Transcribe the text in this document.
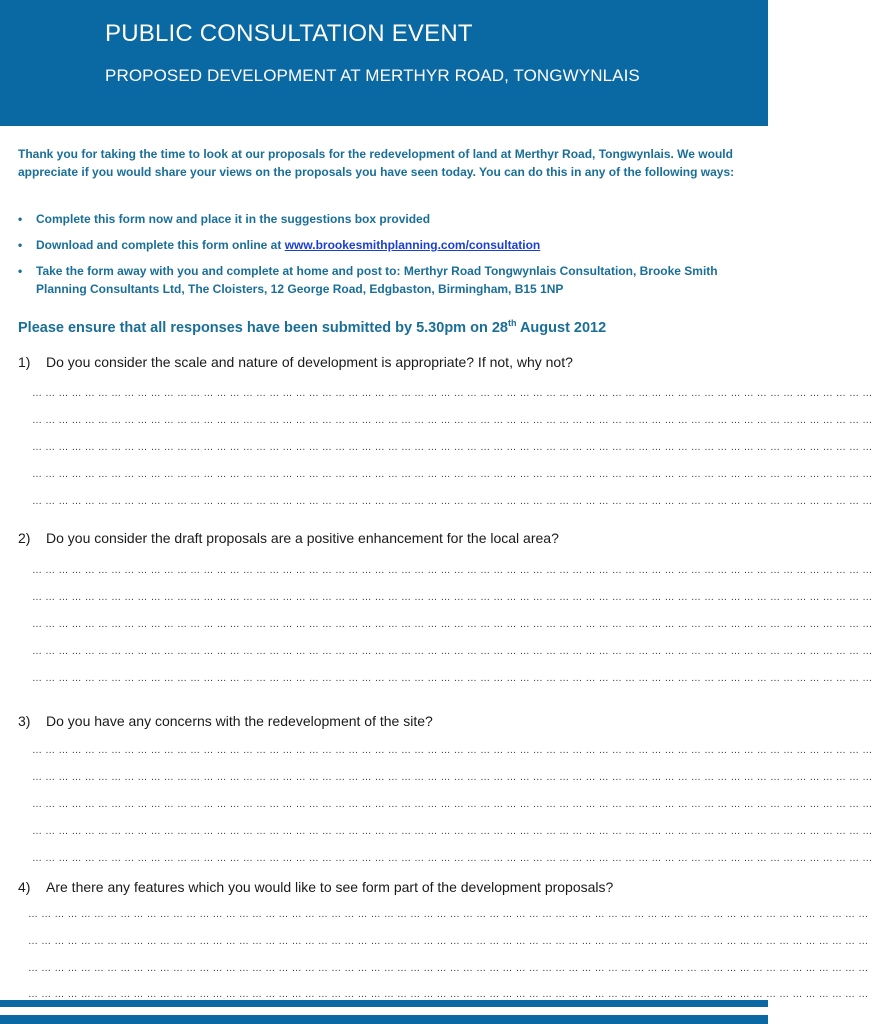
PUBLIC CONSULTATION EVENT
PROPOSED DEVELOPMENT AT MERTHYR ROAD, TONGWYNLAIS
Thank you for taking the time to look at our proposals for the redevelopment of land at Merthyr Road, Tongwynlais. We would appreciate if you would share your views on the proposals you have seen today. You can do this in any of the following ways:
• Complete this form now and place it in the suggestions box provided
• Download and complete this form online at www.brookesmithplanning.com/consultation
• Take the form away with you and complete at home and post to: Merthyr Road Tongwynlais Consultation, Brooke Smith Planning Consultants Ltd, The Cloisters, 12 George Road, Edgbaston, Birmingham, B15 1NP
Please ensure that all responses have been submitted by 5.30pm on 28th August 2012
1) Do you consider the scale and nature of development is appropriate? If not, why not?
… … … … … … … … … … … … … … … … … … … … … … … … … … … … … … … … … … … … … … … … … … … … … … … … … … … … … … … … … … … … … … … …
… … … … … … … … … … … … … … … … … … … … … … … … … … … … … … … … … … … … … … … … … … … … … … … … … … … … … … … … … … … … … … … …
… … … … … … … … … … … … … … … … … … … … … … … … … … … … … … … … … … … … … … … … … … … … … … … … … … … … … … … … … … … … … … … …
… … … … … … … … … … … … … … … … … … … … … … … … … … … … … … … … … … … … … … … … … … … … … … … … … … … … … … … … … … … … … … … …
… … … … … … … … … … … … … … … … … … … … … … … … … … … … … … … … … … … … … … … … … … … … … … … … … … … … … … … … … … … … … … … …
2) Do you consider the draft proposals are a positive enhancement for the local area?
… … … … … … … … … … … … … … … … … … … … … … … … … … … … … … … … … … … … … … … … … … … … … … … … … … … … … … … … … … … … … … … …
… … … … … … … … … … … … … … … … … … … … … … … … … … … … … … … … … … … … … … … … … … … … … … … … … … … … … … … … … … … … … … … …
… … … … … … … … … … … … … … … … … … … … … … … … … … … … … … … … … … … … … … … … … … … … … … … … … … … … … … … … … … … … … … … …
… … … … … … … … … … … … … … … … … … … … … … … … … … … … … … … … … … … … … … … … … … … … … … … … … … … … … … … … … … … … … … … …
… … … … … … … … … … … … … … … … … … … … … … … … … … … … … … … … … … … … … … … … … … … … … … … … … … … … … … … … … … … … … … … …
3) Do you have any concerns with the redevelopment of the site?
… … … … … … … … … … … … … … … … … … … … … … … … … … … … … … … … … … … … … … … … … … … … … … … … … … … … … … … … … … … … … … … …
… … … … … … … … … … … … … … … … … … … … … … … … … … … … … … … … … … … … … … … … … … … … … … … … … … … … … … … … … … … … … … … …
… … … … … … … … … … … … … … … … … … … … … … … … … … … … … … … … … … … … … … … … … … … … … … … … … … … … … … … … … … … … … … … …
… … … … … … … … … … … … … … … … … … … … … … … … … … … … … … … … … … … … … … … … … … … … … … … … … … … … … … … … … … … … … … … …
… … … … … … … … … … … … … … … … … … … … … … … … … … … … … … … … … … … … … … … … … … … … … … … … … … … … … … … … … … … … … … … …
4) Are there any features which you would like to see form part of the development proposals?
… … … … … … … … … … … … … … … … … … … … … … … … … … … … … … … … … … … … … … … … … … … … … … … … … … … … … … … … … … … … … … … …
… … … … … … … … … … … … … … … … … … … … … … … … … … … … … … … … … … … … … … … … … … … … … … … … … … … … … … … … … … … … … … … …
… … … … … … … … … … … … … … … … … … … … … … … … … … … … … … … … … … … … … … … … … … … … … … … … … … … … … … … … … … … … … … … …
… … … … … … … … … … … … … … … … … … … … … … … … … … … … … … … … … … … … … … … … … … … … … … … … … … … … … … … … … … … … … … … …
